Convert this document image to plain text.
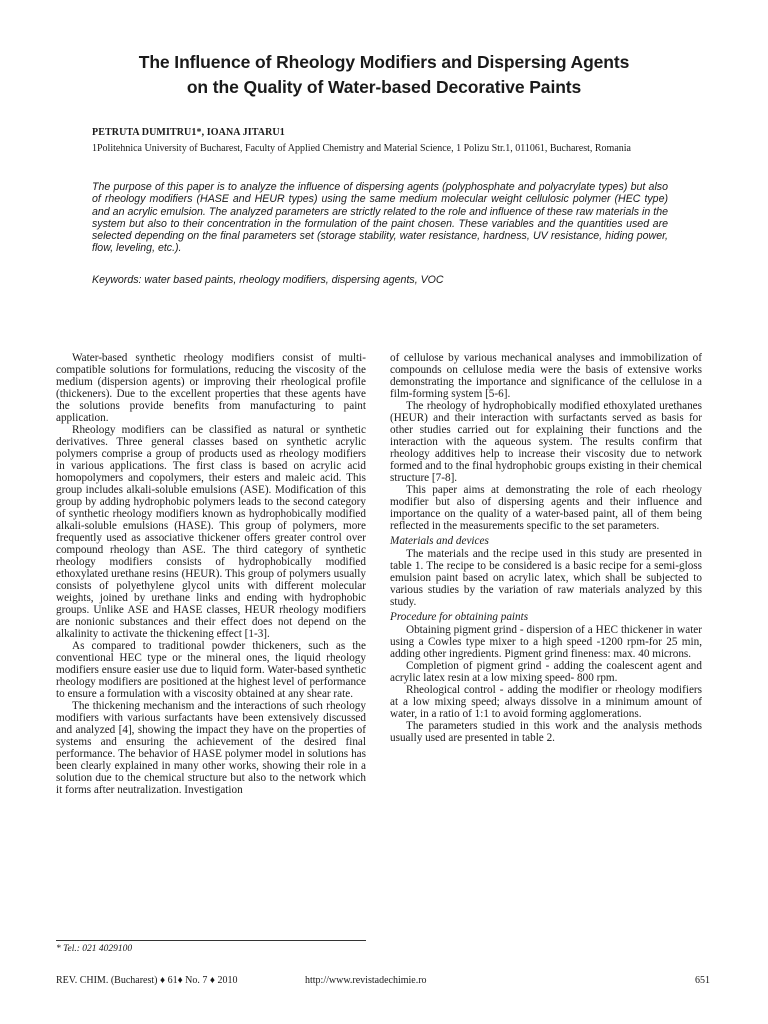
The Influence of Rheology Modifiers and Dispersing Agents
on the Quality of Water-based Decorative Paints
PETRUTA DUMITRU1*, IOANA JITARU1
1Politehnica University of Bucharest, Faculty of Applied Chemistry and Material Science, 1 Polizu Str.1, 011061, Bucharest, Romania
The purpose of this paper is to analyze the influence of dispersing agents (polyphosphate and polyacrylate types) but also of rheology modifiers (HASE and HEUR types) using the same medium molecular weight cellulosic polymer (HEC type) and an acrylic emulsion. The analyzed parameters are strictly related to the role and influence of these raw materials in the system but also to their concentration in the formulation of the paint chosen. These variables and the quantities used are selected depending on the final parameters set (storage stability, water resistance, hardness, UV resistance, hiding power, flow, leveling, etc.).
Keywords: water based paints, rheology modifiers, dispersing agents, VOC

Water-based synthetic rheology modifiers consist of multi-compatible solutions for formulations, reducing the viscosity of the medium (dispersion agents) or improving their rheological profile (thickeners). Due to the excellent properties that these agents have the solutions provide benefits from manufacturing to paint application.

Rheology modifiers can be classified as natural or synthetic derivatives. Three general classes based on synthetic acrylic polymers comprise a group of products used as rheology modifiers in various applications. The first class is based on acrylic acid homopolymers and copolymers, their esters and maleic acid. This group includes alkali-soluble emulsions (ASE). Modification of this group by adding hydrophobic polymers leads to the second category of synthetic rheology modifiers known as hydrophobically modified alkali-soluble emulsions (HASE). This group of polymers, more frequently used as associative thickener offers greater control over compound rheology than ASE. The third category of synthetic rheology modifiers consists of hydrophobically modified ethoxylated urethane resins (HEUR). This group of polymers usually consists of polyethylene glycol units with different molecular weights, joined by urethane links and ending with hydrophobic groups. Unlike ASE and HASE classes, HEUR rheology modifiers are nonionic substances and their effect does not depend on the alkalinity to activate the thickening effect [1-3].

As compared to traditional powder thickeners, such as the conventional HEC type or the mineral ones, the liquid rheology modifiers ensure easier use due to liquid form. Water-based synthetic rheology modifiers are positioned at the highest level of performance to ensure a formulation with a viscosity obtained at any shear rate.

The thickening mechanism and the interactions of such rheology modifiers with various surfactants have been extensively discussed and analyzed [4], showing the impact they have on the properties of systems and ensuring the achievement of the desired final performance. The behavior of HASE polymer model in solutions has been clearly explained in many other works, showing their role in a solution due to the chemical structure but also to the network which it forms after neutralization. Investigation

of cellulose by various mechanical analyses and immobilization of compounds on cellulose media were the basis of extensive works demonstrating the importance and significance of the cellulose in a film-forming system [5-6].

The rheology of hydrophobically modified ethoxylated urethanes (HEUR) and their interaction with surfactants served as basis for other studies carried out for explaining their functions and the interaction with the aqueous system. The results confirm that rheology additives help to increase their viscosity due to network formed and to the final hydrophobic groups existing in their chemical structure [7-8].

This paper aims at demonstrating the role of each rheology modifier but also of dispersing agents and their influence and importance on the quality of a water-based paint, all of them being reflected in the measurements specific to the set parameters.

Materials and devices

The materials and the recipe used in this study are presented in table 1. The recipe to be considered is a basic recipe for a semi-gloss emulsion paint based on acrylic latex, which shall be subjected to various studies by the variation of raw materials analyzed by this study.

Procedure for obtaining paints

Obtaining pigment grind - dispersion of a HEC thickener in water using a Cowles type mixer to a high speed -1200 rpm-for 25 min, adding other ingredients. Pigment grind fineness: max. 40 microns.

Completion of pigment grind - adding the coalescent agent and acrylic latex resin at a low mixing speed- 800 rpm.

Rheological control - adding the modifier or rheology modifiers at a low mixing speed; always dissolve in a minimum amount of water, in a ratio of 1:1 to avoid forming agglomerations.

The parameters studied in this work and the analysis methods usually used are presented in table 2.

* Tel.: 021 4029100
REV. CHIM. (Bucharest) ♦ 61♦ No. 7 ♦ 2010	http://www.revistadechimie.ro	651
